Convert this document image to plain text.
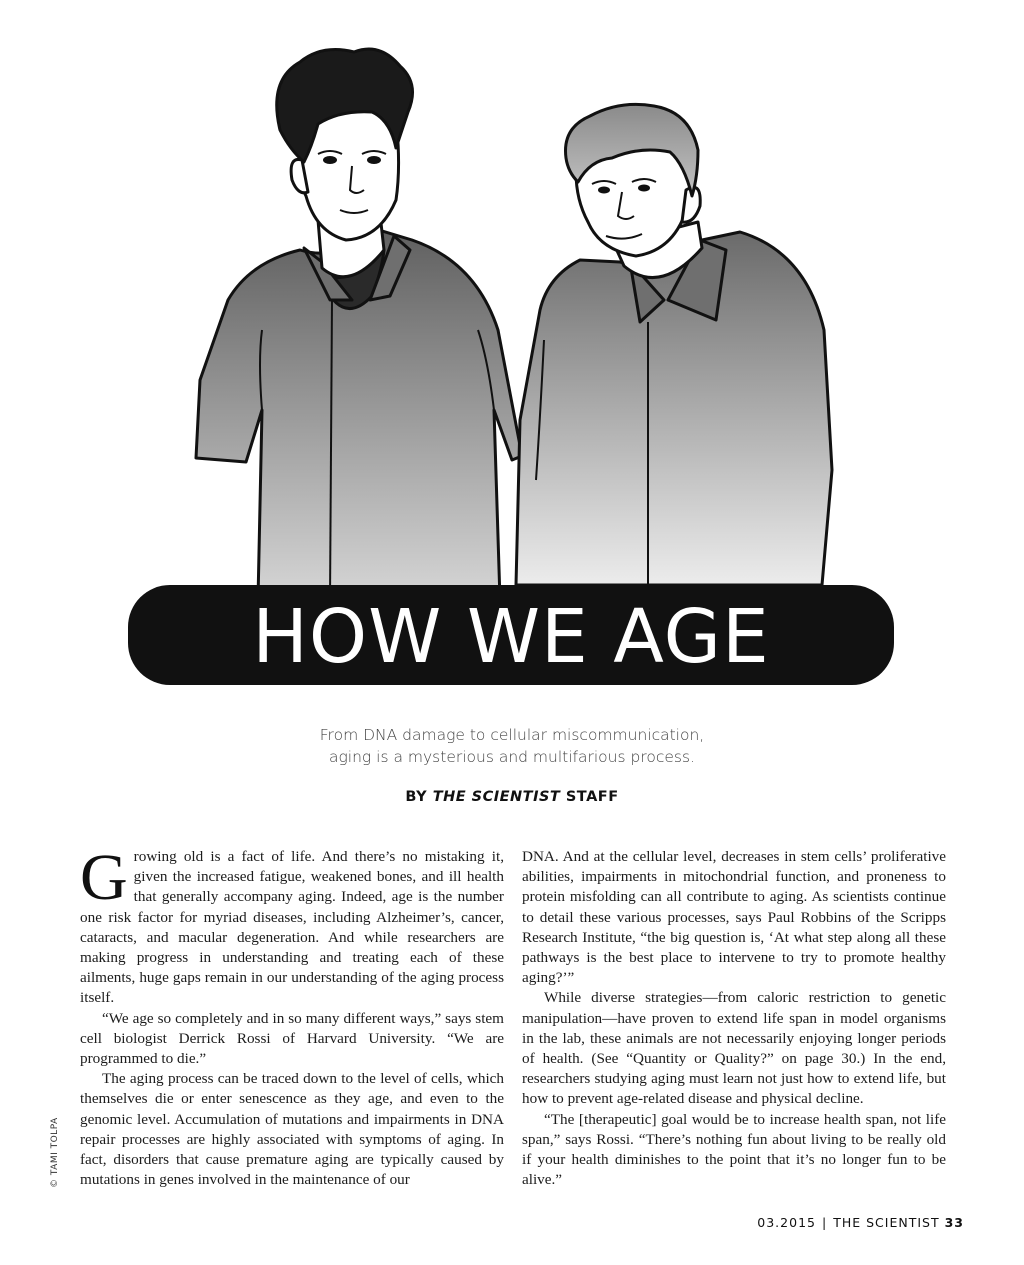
HOW WE AGE
From DNA damage to cellular miscommunication,
aging is a mysterious and multifarious process.
BY THE SCIENTIST STAFF

Growing old is a fact of life. And there’s no mistaking it, given the increased fatigue, weakened bones, and ill health that generally accompany aging. Indeed, age is the number one risk factor for myriad diseases, including Alzheimer’s, cancer, cataracts, and macular degeneration. And while researchers are making progress in understanding and treating each of these ailments, huge gaps remain in our understanding of the aging process itself.

“We age so completely and in so many different ways,” says stem cell biologist Derrick Rossi of Harvard University. “We are programmed to die.”

The aging process can be traced down to the level of cells, which themselves die or enter senescence as they age, and even to the genomic level. Accumulation of mutations and impairments in DNA repair processes are highly associated with symptoms of aging. In fact, disorders that cause premature aging are typically caused by mutations in genes involved in the maintenance of our

DNA. And at the cellular level, decreases in stem cells’ proliferative abilities, impairments in mitochondrial function, and proneness to protein misfolding can all contribute to aging. As scientists continue to detail these various processes, says Paul Robbins of the Scripps Research Institute, “the big question is, ‘At what step along all these pathways is the best place to intervene to try to promote healthy aging?’”

While diverse strategies—from caloric restriction to genetic manipulation—have proven to extend life span in model organisms in the lab, these animals are not necessarily enjoying longer periods of health. (See “Quantity or Quality?” on page 30.) In the end, researchers studying aging must learn not just how to extend life, but how to prevent age-related disease and physical decline.

“The [therapeutic] goal would be to increase health span, not life span,” says Rossi. “There’s nothing fun about living to be really old if your health diminishes to the point that it’s no longer fun to be alive.”

© TAMI TOLPA
03.2015 | THE SCIENTIST 33
